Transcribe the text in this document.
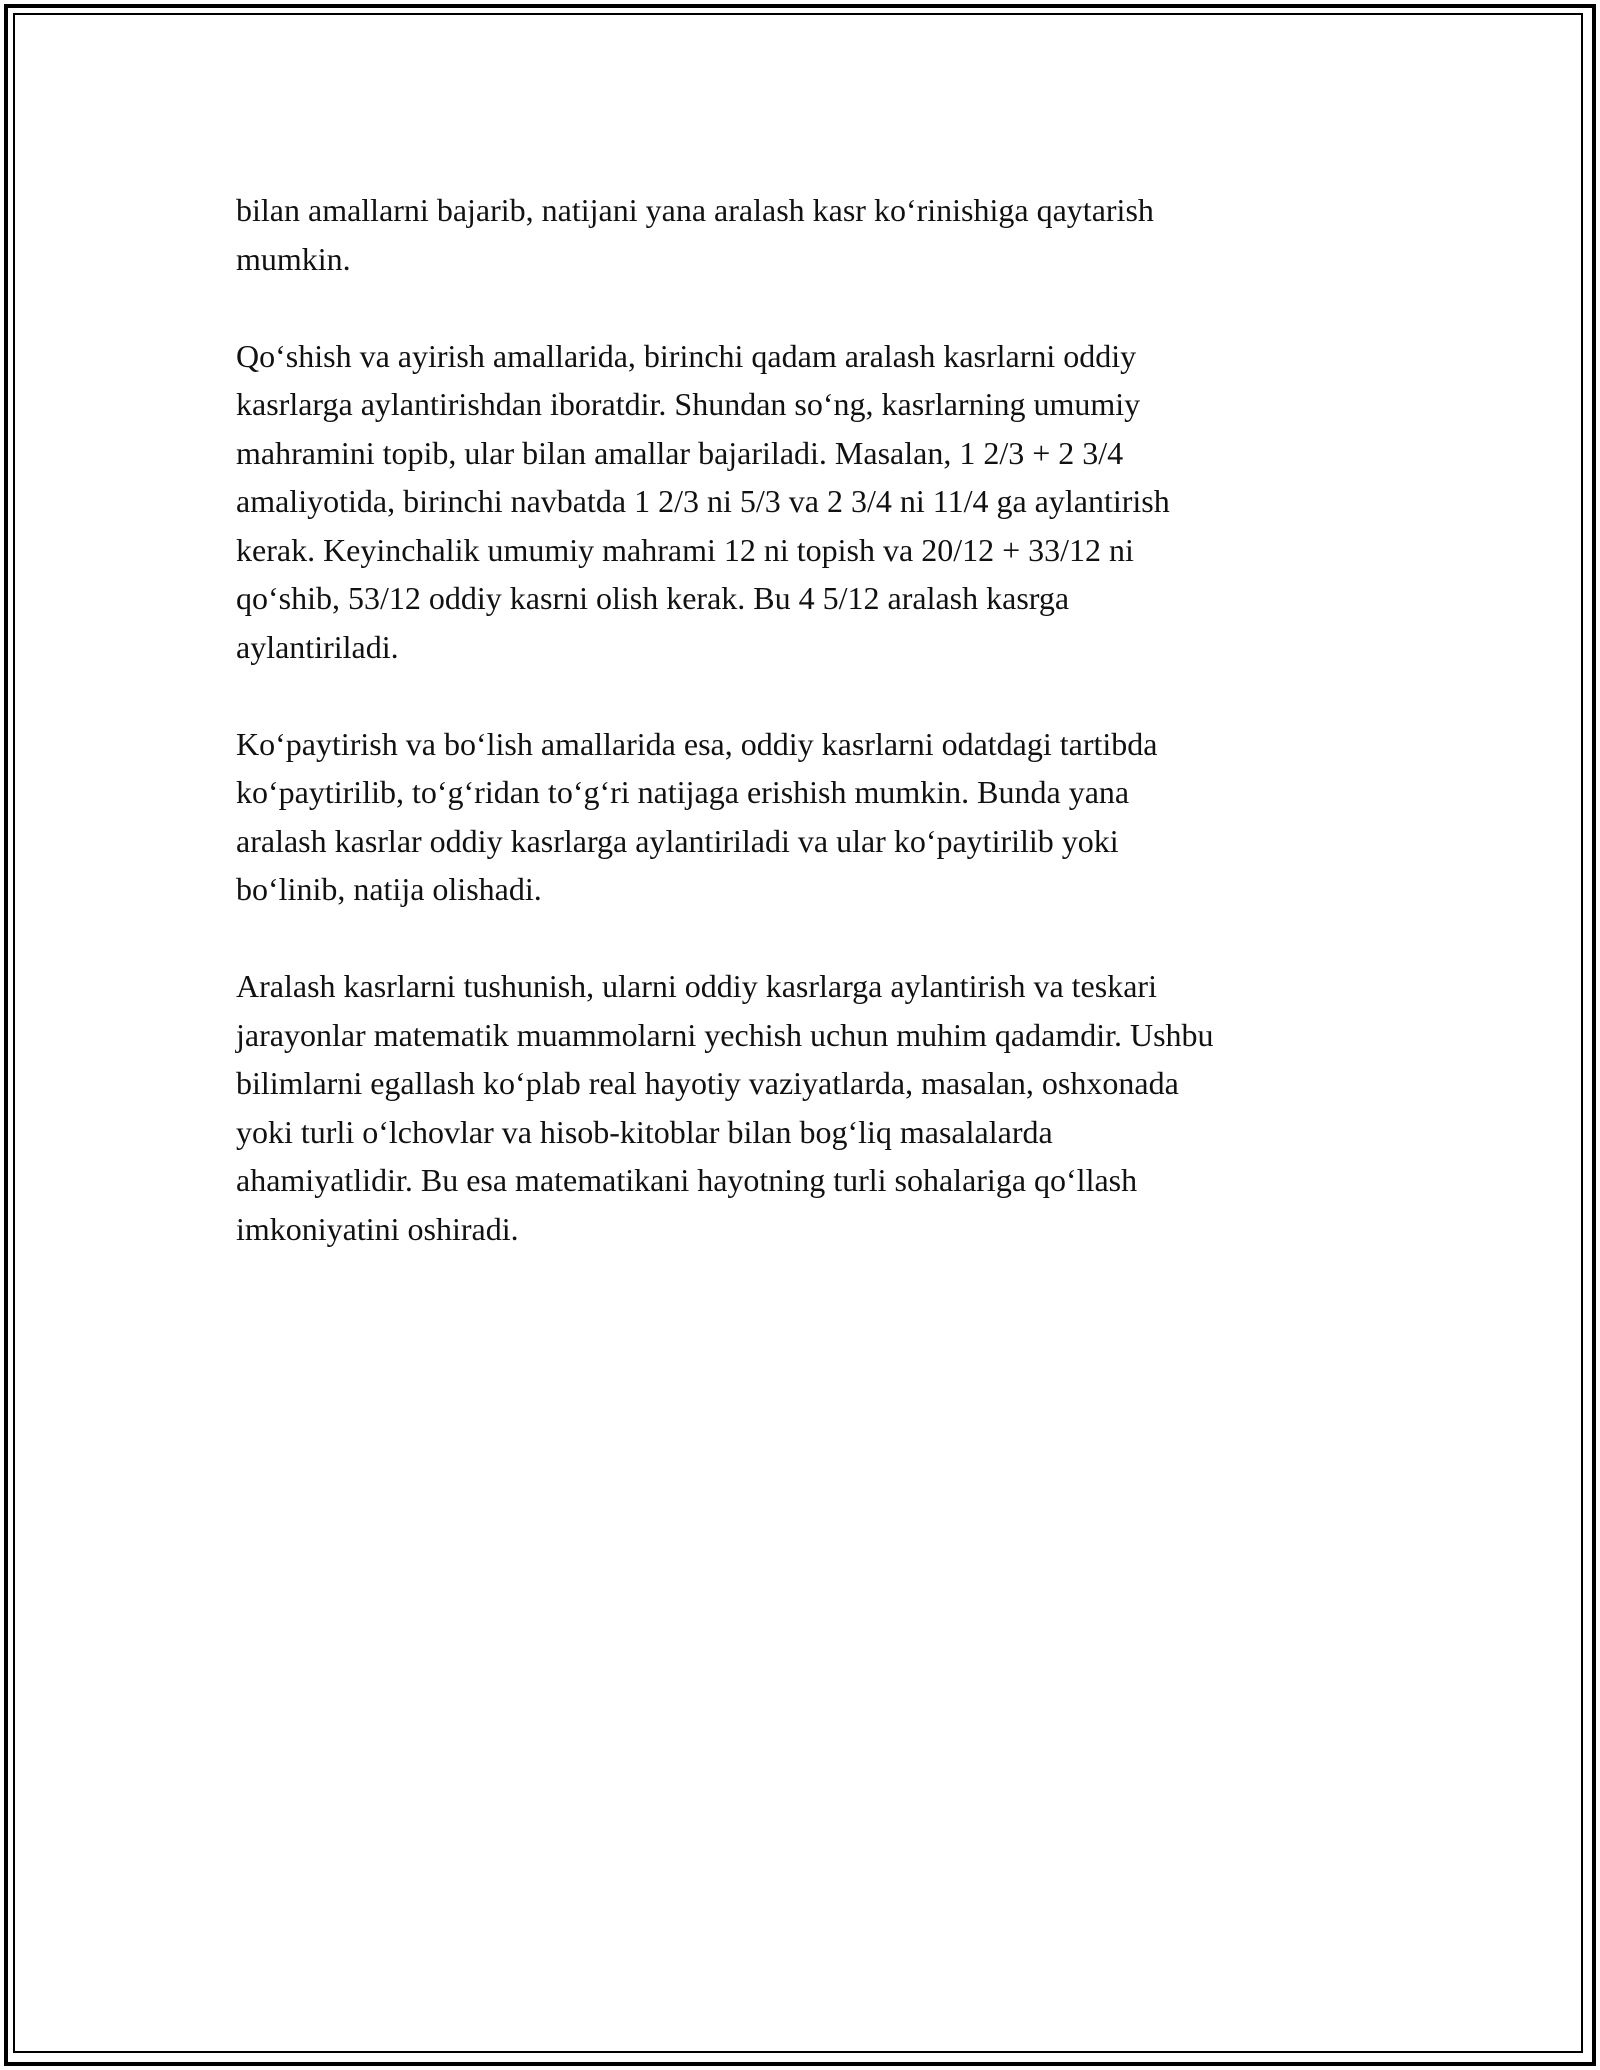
bilan amallarni bajarib, natijani yana aralash kasr koʻrinishiga qaytarish
mumkin.

Qoʻshish va ayirish amallarida, birinchi qadam aralash kasrlarni oddiy
kasrlarga aylantirishdan iboratdir. Shundan soʻng, kasrlarning umumiy
mahramini topib, ular bilan amallar bajariladi. Masalan, 1 2/3 + 2 3/4
amaliyotida, birinchi navbatda 1 2/3 ni 5/3 va 2 3/4 ni 11/4 ga aylantirish
kerak. Keyinchalik umumiy mahrami 12 ni topish va 20/12 + 33/12 ni
qoʻshib, 53/12 oddiy kasrni olish kerak. Bu 4 5/12 aralash kasrga
aylantiriladi.

Koʻpaytirish va boʻlish amallarida esa, oddiy kasrlarni odatdagi tartibda
koʻpaytirilib, toʻgʻridan toʻgʻri natijaga erishish mumkin. Bunda yana
aralash kasrlar oddiy kasrlarga aylantiriladi va ular koʻpaytirilib yoki
boʻlinib, natija olishadi.

Aralash kasrlarni tushunish, ularni oddiy kasrlarga aylantirish va teskari
jarayonlar matematik muammolarni yechish uchun muhim qadamdir. Ushbu
bilimlarni egallash koʻplab real hayotiy vaziyatlarda, masalan, oshxonada
yoki turli oʻlchovlar va hisob-kitoblar bilan bogʻliq masalalarda
ahamiyatlidir. Bu esa matematikani hayotning turli sohalariga qoʻllash
imkoniyatini oshiradi.
